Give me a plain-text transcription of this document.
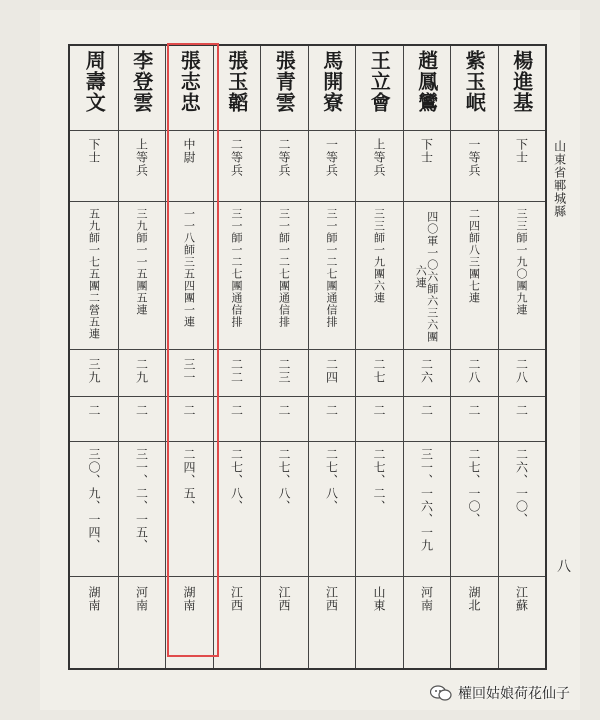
楊進基
下士
三三師一九〇團九連
二八
二
二六、一〇、
江蘇
紫玉岷
一等兵
二四師八三團七連
二八
二
二七、一〇、
湖北
趙鳳鸞
下士
四〇軍一〇六師六三六團六連
二六
二
三一、一六、一九
河南
王立會
上等兵
三三師一九團六連
二七
二
二七、二、
山東
馬開寮
一等兵
三一師一二七團通信排
二四
二
二七、八、
江西
張青雲
二等兵
三一師一二七團通信排
二三
二
二七、八、
江西
張玉韜
二等兵
三一師一二七團通信排
二二
二
二七、八、
江西
張志忠
中尉
一一八師三五四團一連
三一
二
二四、五、
湖南
李登雲
上等兵
三九師一一五團五連
二九
二
三一、二、一五、
河南
周壽文
下士
五九師一七五團二營五連
三九
二
三〇、九、一四、
湖南
山東省鄆城縣
八
權回姑娘荷花仙子
